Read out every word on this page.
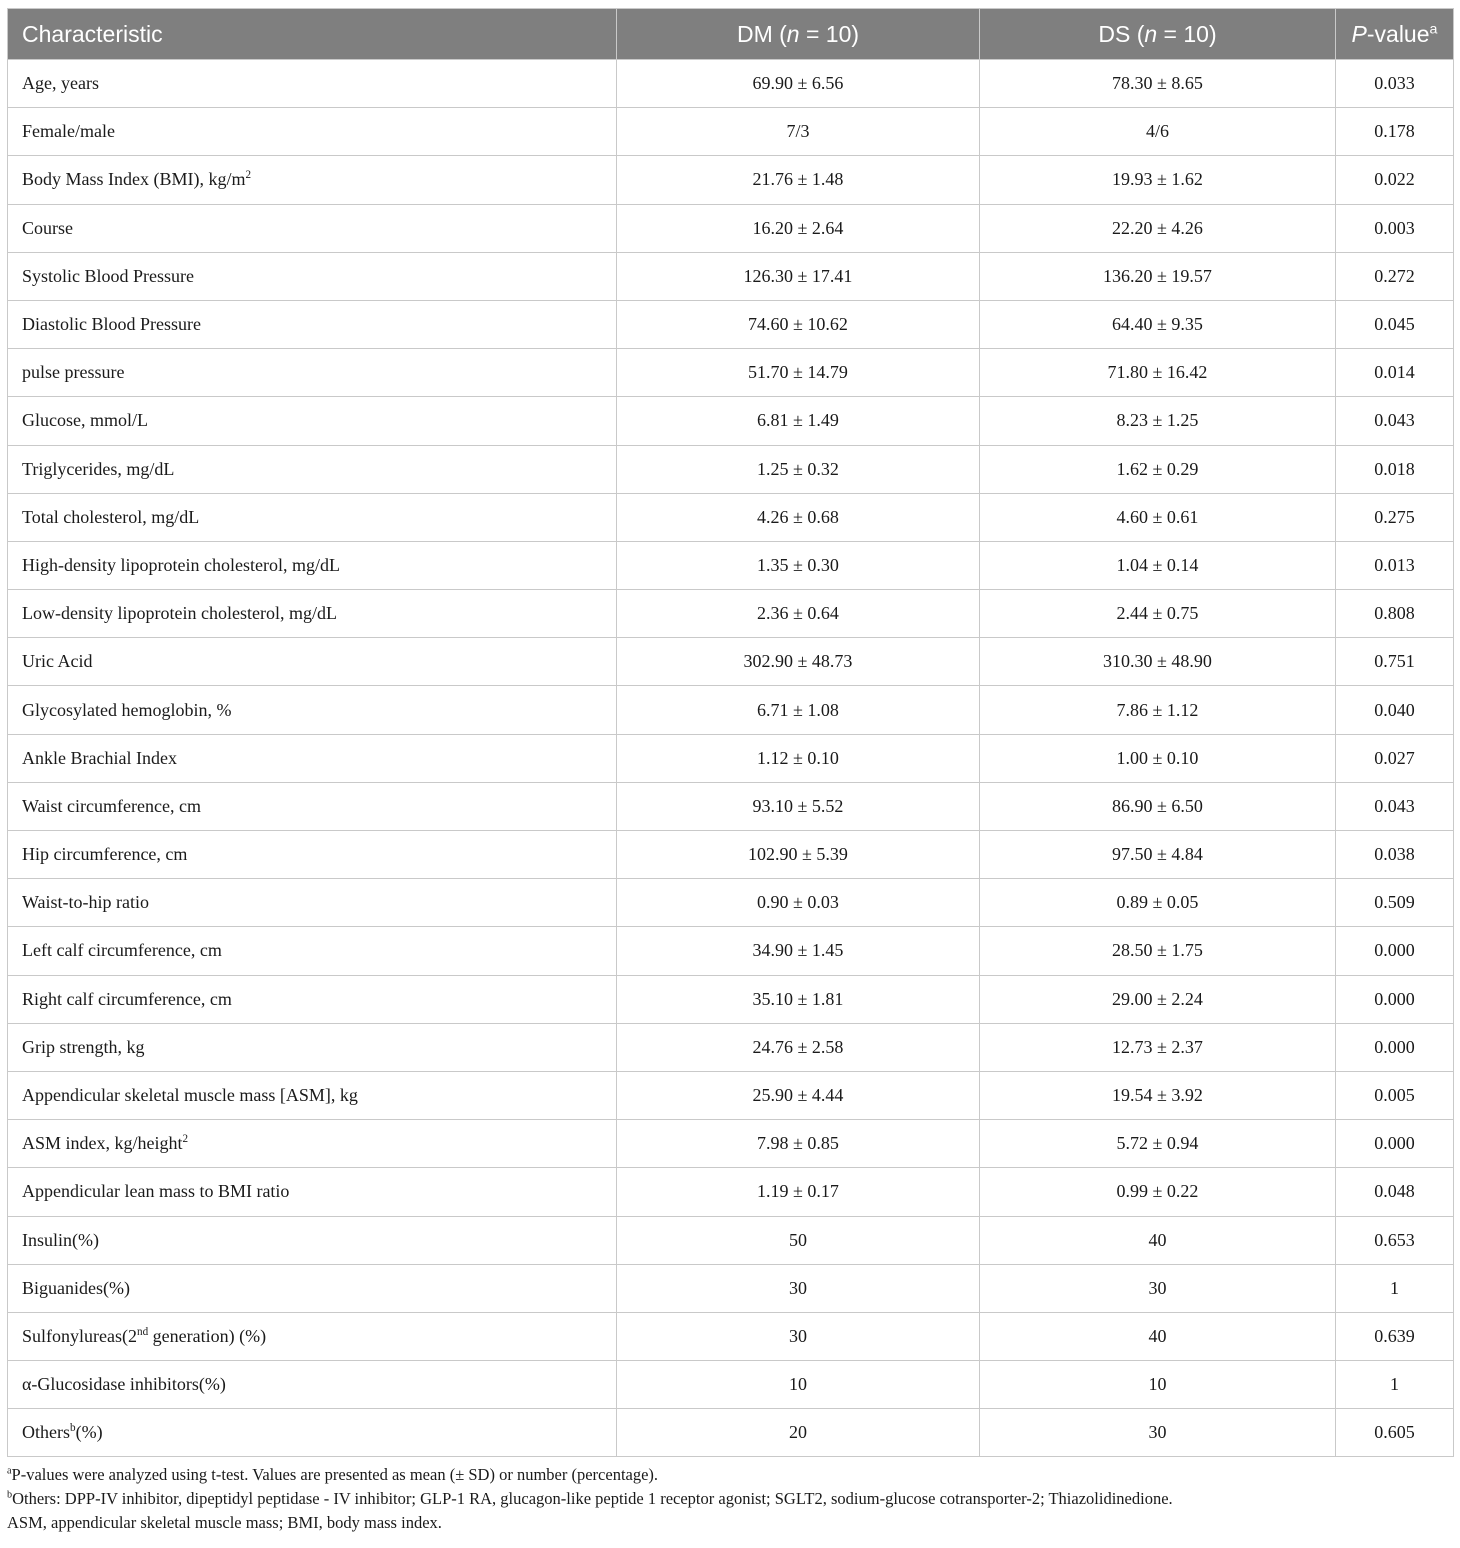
Characteristic	DM (n = 10)	DS (n = 10)	P-value$^a$
Age, years	69.90 ± 6.56	78.30 ± 8.65	0.033
Female/male	7/3	4/6	0.178
Body Mass Index (BMI), $kg/m^2$	21.76 ± 1.48	19.93 ± 1.62	0.022
Course	16.20 ± 2.64	22.20 ± 4.26	0.003
Systolic Blood Pressure	126.30 ± 17.41	136.20 ± 19.57	0.272
Diastolic Blood Pressure	74.60 ± 10.62	64.40 ± 9.35	0.045
pulse pressure	51.70 ± 14.79	71.80 ± 16.42	0.014
Glucose, mmol/L	6.81 ± 1.49	8.23 ± 1.25	0.043
Triglycerides, mg/dL	1.25 ± 0.32	1.62 ± 0.29	0.018
Total cholesterol, mg/dL	4.26 ± 0.68	4.60 ± 0.61	0.275
High-density lipoprotein cholesterol, mg/dL	1.35 ± 0.30	1.04 ± 0.14	0.013
Low-density lipoprotein cholesterol, mg/dL	2.36 ± 0.64	2.44 ± 0.75	0.808
Uric Acid	302.90 ± 48.73	310.30 ± 48.90	0.751
Glycosylated hemoglobin, %	6.71 ± 1.08	7.86 ± 1.12	0.040
Ankle Brachial Index	1.12 ± 0.10	1.00 ± 0.10	0.027
Waist circumference, cm	93.10 ± 5.52	86.90 ± 6.50	0.043
Hip circumference, cm	102.90 ± 5.39	97.50 ± 4.84	0.038
Waist-to-hip ratio	0.90 ± 0.03	0.89 ± 0.05	0.509
Left calf circumference, cm	34.90 ± 1.45	28.50 ± 1.75	0.000
Right calf circumference, cm	35.10 ± 1.81	29.00 ± 2.24	0.000
Grip strength, kg	24.76 ± 2.58	12.73 ± 2.37	0.000
Appendicular skeletal muscle mass [ASM], kg	25.90 ± 4.44	19.54 ± 3.92	0.005
ASM index, kg/height$^2$	7.98 ± 0.85	5.72 ± 0.94	0.000
Appendicular lean mass to BMI ratio	1.19 ± 0.17	0.99 ± 0.22	0.048
Insulin(%)	50	40	0.653
Biguanides(%)	30	30	1
Sulfonylureas(2nd generation) (%)	30	40	0.639
α-Glucosidase inhibitors(%)	10	10	1
Others$^b$(%)	20	30	0.605

$^a$P-values were analyzed using t-test. Values are presented as mean (± SD) or number (percentage).

$^b$Others: DPP-IV inhibitor, dipeptidyl peptidase - IV inhibitor; GLP-1 RA, glucagon-like peptide 1 receptor agonist; SGLT2, sodium-glucose cotransporter-2; Thiazolidinedione.

ASM, appendicular skeletal muscle mass; BMI, body mass index.
